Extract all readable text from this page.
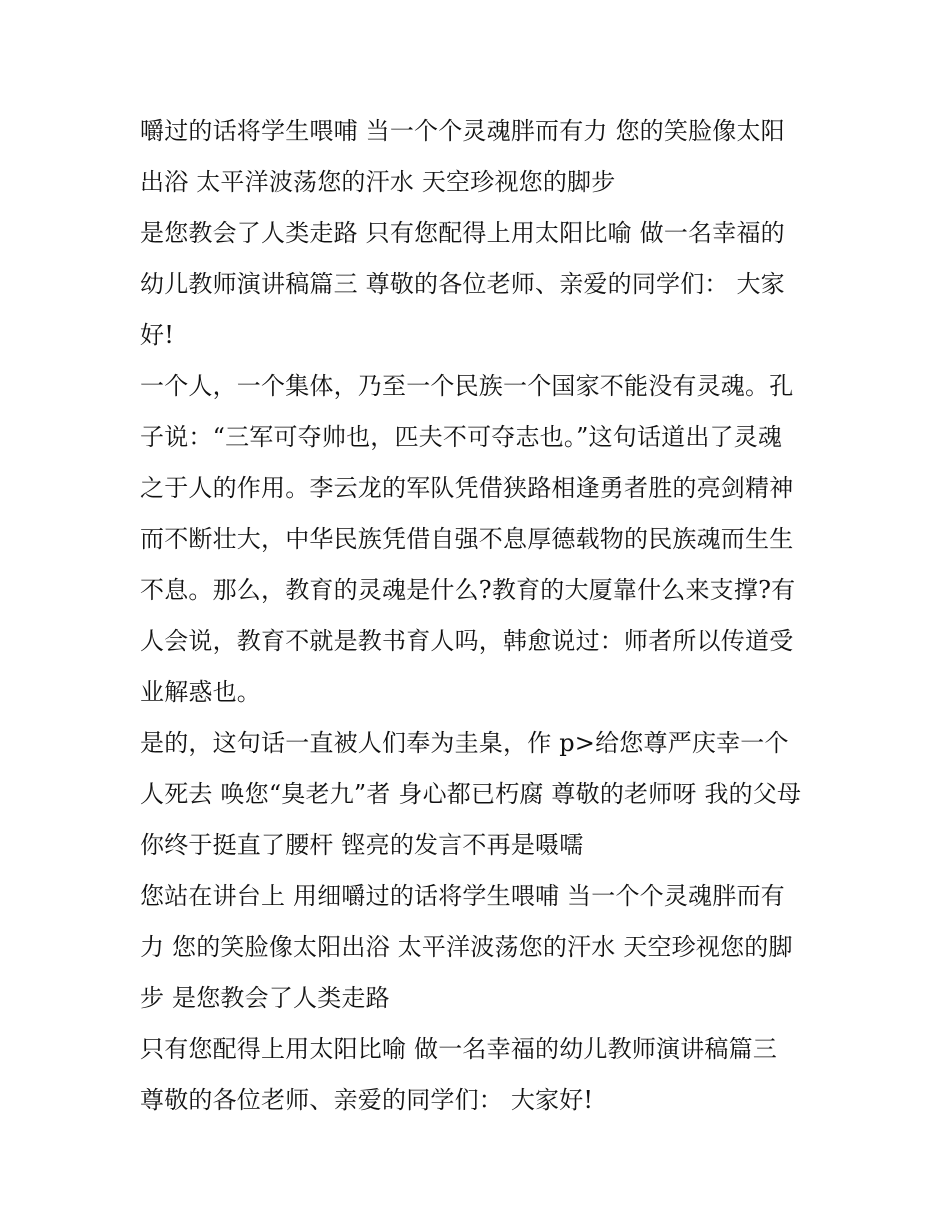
嚼过的话将学生喂哺 当一个个灵魂胖而有力 您的笑脸像太阳
出浴 太平洋波荡您的汗水 天空珍视您的脚步
是您教会了人类走路 只有您配得上用太阳比喻 做一名幸福的
幼儿教师演讲稿篇三 尊敬的各位老师、亲爱的同学们： 大家
好!
一个人，一个集体，乃至一个民族一个国家不能没有灵魂。孔
子说：“三军可夺帅也，匹夫不可夺志也。”这句话道出了灵魂
之于人的作用。李云龙的军队凭借狭路相逢勇者胜的亮剑精神
而不断壮大，中华民族凭借自强不息厚德载物的民族魂而生生
不息。那么，教育的灵魂是什么?教育的大厦靠什么来支撑?有
人会说，教育不就是教书育人吗，韩愈说过：师者所以传道受
业解惑也。
是的，这句话一直被人们奉为圭臬，作 p>给您尊严庆幸一个
人死去 唤您“臭老九”者 身心都已朽腐 尊敬的老师呀 我的父母
你终于挺直了腰杆 铿亮的发言不再是嗫嚅
您站在讲台上 用细嚼过的话将学生喂哺 当一个个灵魂胖而有
力 您的笑脸像太阳出浴 太平洋波荡您的汗水 天空珍视您的脚
步 是您教会了人类走路
只有您配得上用太阳比喻 做一名幸福的幼儿教师演讲稿篇三
尊敬的各位老师、亲爱的同学们： 大家好!
